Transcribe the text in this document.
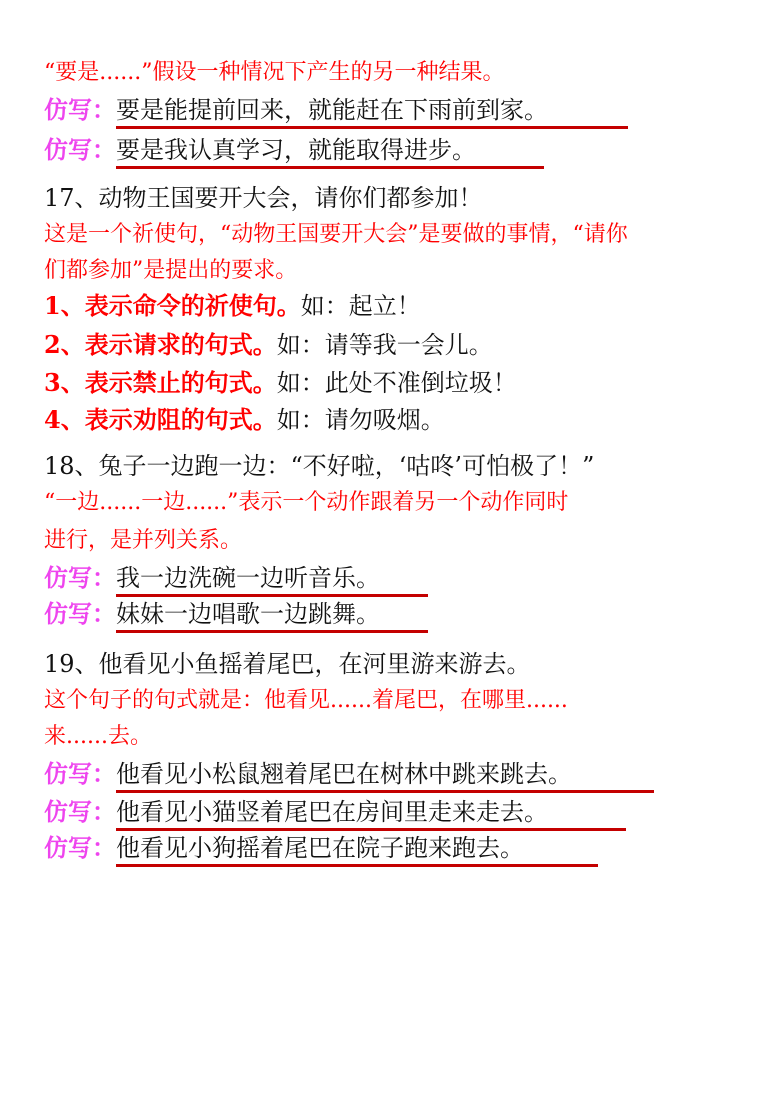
“要是......”假设一种情况下产生的另一种结果。
仿写：要是能提前回来，就能赶在下雨前到家。
仿写：要是我认真学习，就能取得进步。
17、动物王国要开大会，请你们都参加！
这是一个祈使句，“动物王国要开大会”是要做的事情，“请你
们都参加”是提出的要求。
1、表示命令的祈使句。如：起立！
2、表示请求的句式。如：请等我一会儿。
3、表示禁止的句式。如：此处不准倒垃圾！
4、表示劝阻的句式。如：请勿吸烟。
18、兔子一边跑一边：“不好啦，‘咕咚’可怕极了！”
“一边......一边......”表示一个动作跟着另一个动作同时
进行，是并列关系。
仿写：我一边洗碗一边听音乐。
仿写：妹妹一边唱歌一边跳舞。
19、他看见小鱼摇着尾巴，在河里游来游去。
这个句子的句式就是：他看见......着尾巴，在哪里......
来......去。
仿写：他看见小松鼠翘着尾巴在树林中跳来跳去。
仿写：他看见小猫竖着尾巴在房间里走来走去。
仿写：他看见小狗摇着尾巴在院子跑来跑去。
